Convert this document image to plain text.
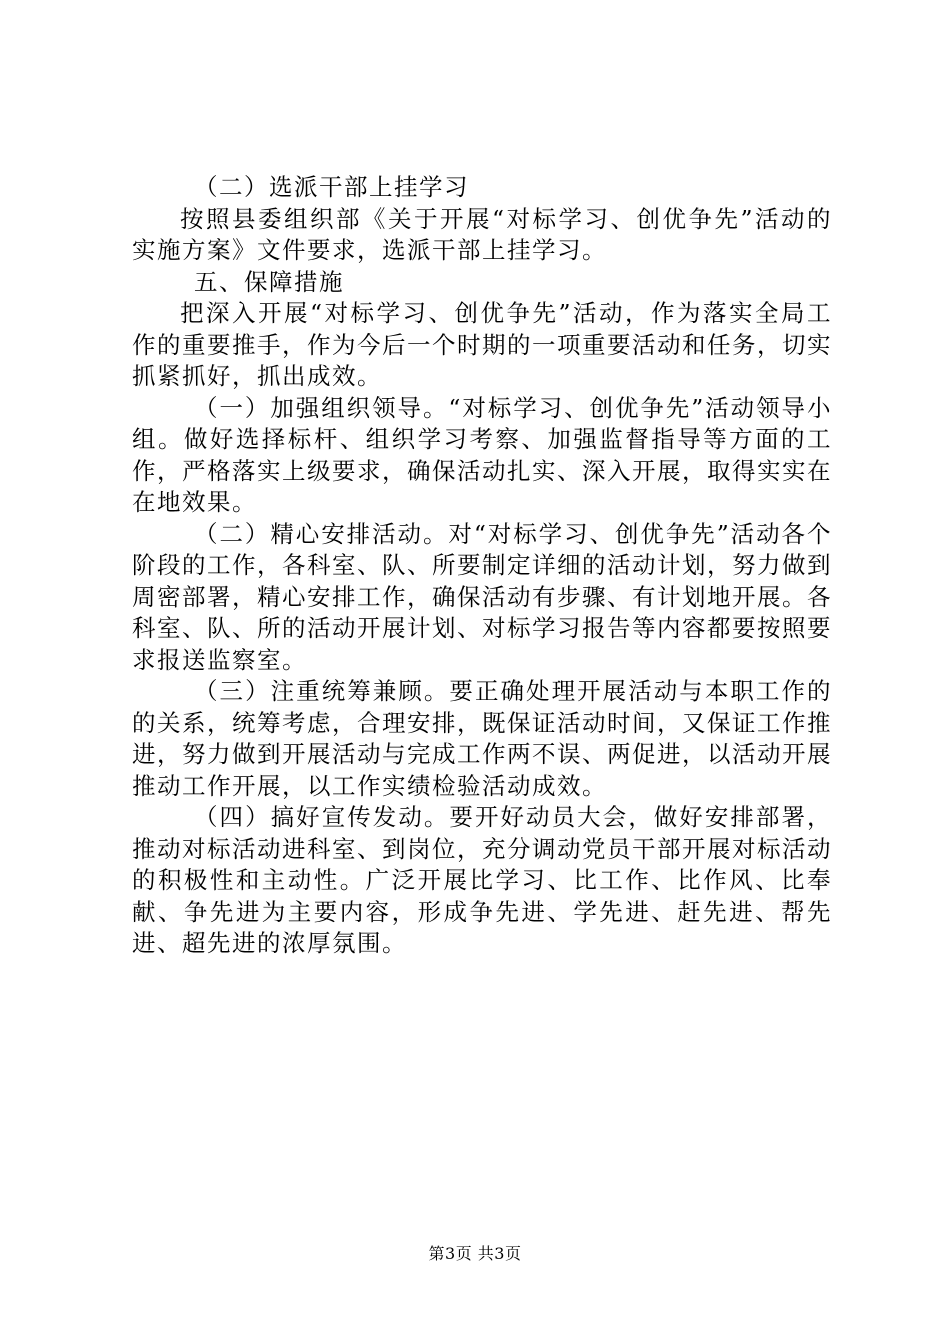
（二）选派干部上挂学习

按照县委组织部《关于开展“对标学习、创优争先”活动的实施方案》文件要求，选派干部上挂学习。

五、保障措施

把深入开展“对标学习、创优争先”活动，作为落实全局工作的重要推手，作为今后一个时期的一项重要活动和任务，切实抓紧抓好，抓出成效。

（一）加强组织领导。“对标学习、创优争先”活动领导小组。做好选择标杆、组织学习考察、加强监督指导等方面的工作，严格落实上级要求，确保活动扎实、深入开展，取得实实在在地效果。

（二）精心安排活动。对“对标学习、创优争先”活动各个阶段的工作，各科室、队、所要制定详细的活动计划，努力做到周密部署，精心安排工作，确保活动有步骤、有计划地开展。各科室、队、所的活动开展计划、对标学习报告等内容都要按照要求报送监察室。

（三）注重统筹兼顾。要正确处理开展活动与本职工作的的关系，统筹考虑，合理安排，既保证活动时间，又保证工作推进，努力做到开展活动与完成工作两不误、两促进，以活动开展推动工作开展，以工作实绩检验活动成效。

（四）搞好宣传发动。要开好动员大会，做好安排部署，推动对标活动进科室、到岗位，充分调动党员干部开展对标活动的积极性和主动性。广泛开展比学习、比工作、比作风、比奉献、争先进为主要内容，形成争先进、学先进、赶先进、帮先进、超先进的浓厚氛围。

第3页 共3页
